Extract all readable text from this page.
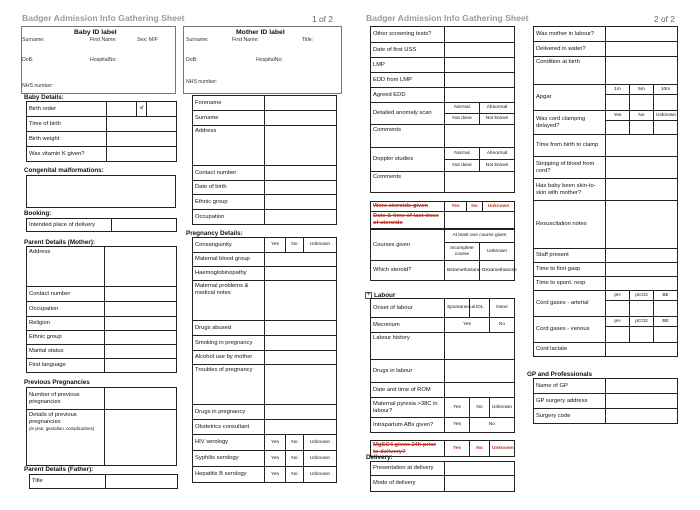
Badger Admission Info Gathering Sheet	1 of 2
Baby ID label
Surname:	First Name:	Sex: M/F
DoB:	HospitalNo:
NHS number:
Mother ID label
Surname:	First Name:	Title:
DoB:	HospitalNo:
NHS number:
Baby Details:
Birth order		of	
Time of birth			
Birth weight			
Was vitamin K given?			
Congenital malformations:
Booking:
Intended place of delivery	
Parent Details (Mother):
Address	
Contact number	
Occupation	
Religion	
Ethnic group	
Marital status	
First language	
Previous Pregnancies
Number of previous pregnancies	
Details of previous pregnancies
(ie year, gestation, complications)	

Parent Details (Father):
Title	
Forename	
Surname	
Address	
Contact number	
Date of birth	
Ethnic group	
Occupation	
Pregnancy Details:
Consanguinity	Yes	No	Unknown
Maternal blood group			
Haemoglobinopathy			
Maternal problems & medical notes			
Drugs abused			
Smoking in pregnancy			
Alcohol use by mother			
Troubles of pregnancy			
Drugs in pregnancy			
Obstetrics consultant			
HIV serology	Yes	No	Unknown
Syphilis serology	Yes	No	Unknown
Hepatitis B serology	Yes	No	Unknown
Badger Admission Info Gathering Sheet	2 of 2
Other screening tests?		
Date of first USS		
LMP		
EDD from LMP		
Agreed EDD		
Detailed anomaly scan	Normal	Abnormal
	Not done	Not known
Comments		
Doppler studies	Normal	Abnormal
	Not done	Not known
Comments		
Were steroids given	Yes	No	Unknown
Date & time of last dose of steroids			
Courses given	At least one course given	
	Incomplete course	Unknown
Which steroid?	Betamethasone	Dexamethasone
+ Labour
Onset of labour	Spontaneous	IOL	None
Meconium	Yes		No
Labour history			
Drugs in labour			
Date and time of ROM			
Maternal pyrexia >38C in labour?	Yes	No	Unknown
Intrapartum ABx given?	Yes	No	
MgSO4 given 24h prior to delivery?	Yes	No	Unknown
Delivery:
Presentation at delivery	
Mode of delivery	
Was mother in labour?			
Delivered in water?			
Condition at birth			
Apgar	1m	5m	10m

Was cord clamping delayed?	Yes	No	Unknown

Time from birth to clamp			
Stripping of blood from cord?			
Has baby been skin-to-skin with mother?			
Resuscitation notes			
Staff present			
Time to first gasp			
Time to spont. resp			
Cord gases - arterial	pH	pCO2	BE

Cord gases - venous	pH	pCO2	BE

Cord lactate			
GP and Professionals
Name of GP	
GP surgery address	
Surgery code	
